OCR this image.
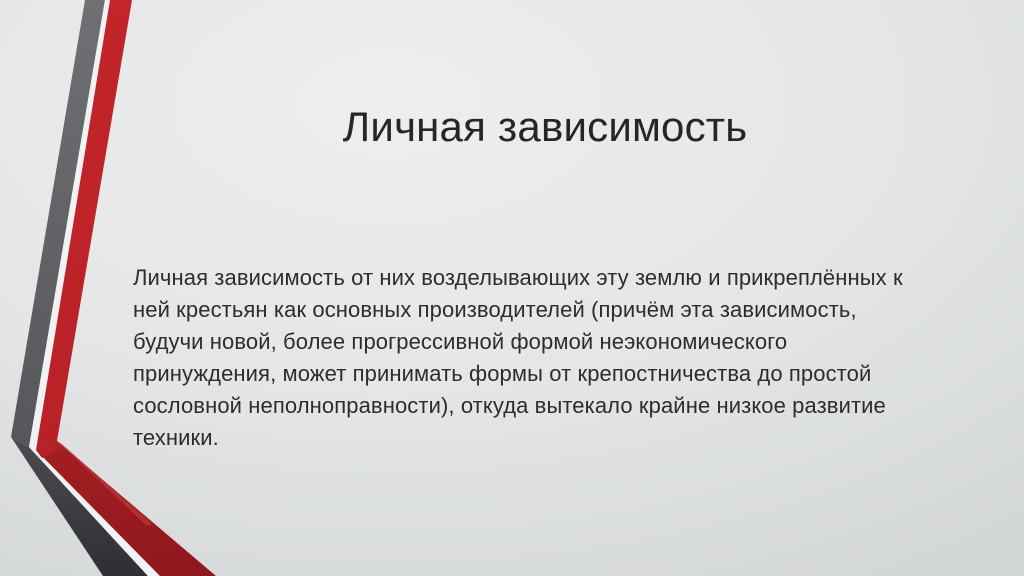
Личная зависимость
Личная зависимость от них возделывающих эту землю и прикреплённых к
ней крестьян как основных производителей (причём эта зависимость,
будучи новой, более прогрессивной формой неэкономического
принуждения, может принимать формы от крепостничества до простой
сословной неполноправности), откуда вытекало крайне низкое развитие
техники.
